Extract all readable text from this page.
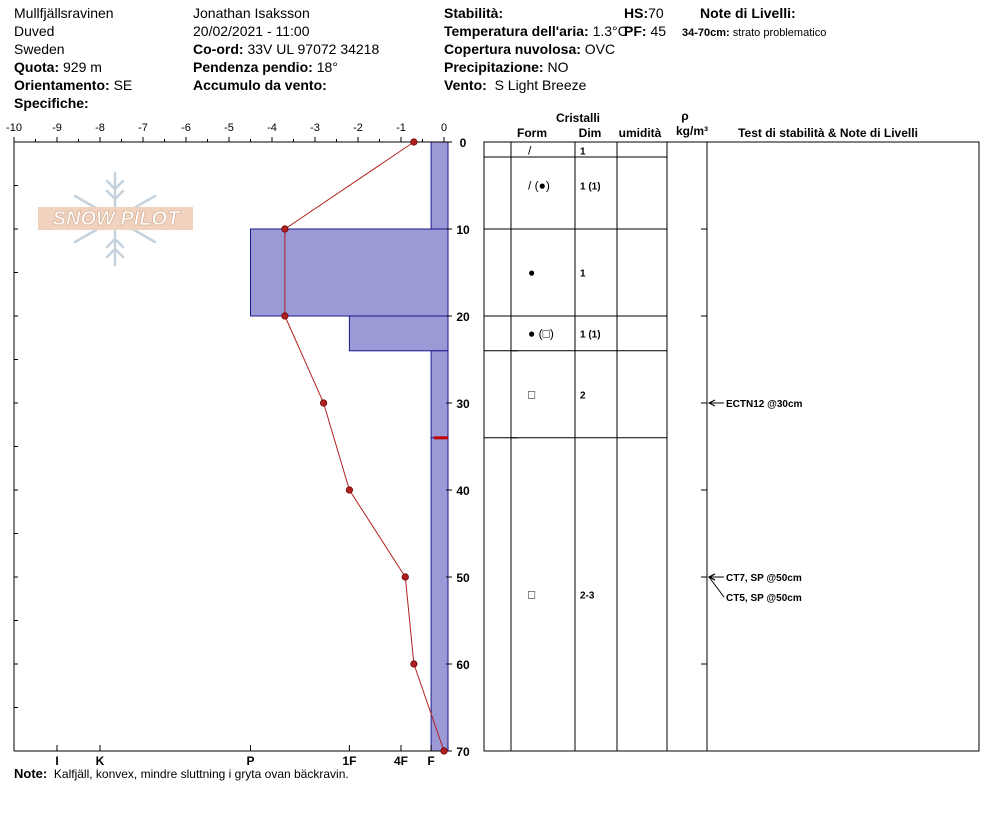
Mullfjällsravinen
Duved
Sweden
Quota: 929 m
Orientamento: SE
Specifiche:
Jonathan Isaksson
20/02/2021 - 11:00
Co-ord: 33V UL 97072 34218
Pendenza pendio: 18°
Accumulo da vento:
Stabilità:
Temperatura dell'aria: 1.3°C
Copertura nuvolosa: OVC
Precipitazione: NO
Vento: S Light Breeze
HS:70
PF: 45
Note di Livelli:
34-70cm: strato problematico
SNOW PILOT
-10	-9	-8	-7	-6	-5	-4	-3	-2	-1	0
0
10
20
30
40
50
60
70
I	K	P	1F	4F F
Cristalli
Form	Dim umidità
ρ
kg/m³	Test di stabilità & Note di Livelli
/	1
/ (●)	1 (1)
●	1
● (□)	1 (1)
□	2
□	2-3
ECTN12 @30cm
CT7, SP @50cm
CT5, SP @50cm
Note: Kalfjäll, konvex, mindre sluttning i gryta ovan bäckravin.
